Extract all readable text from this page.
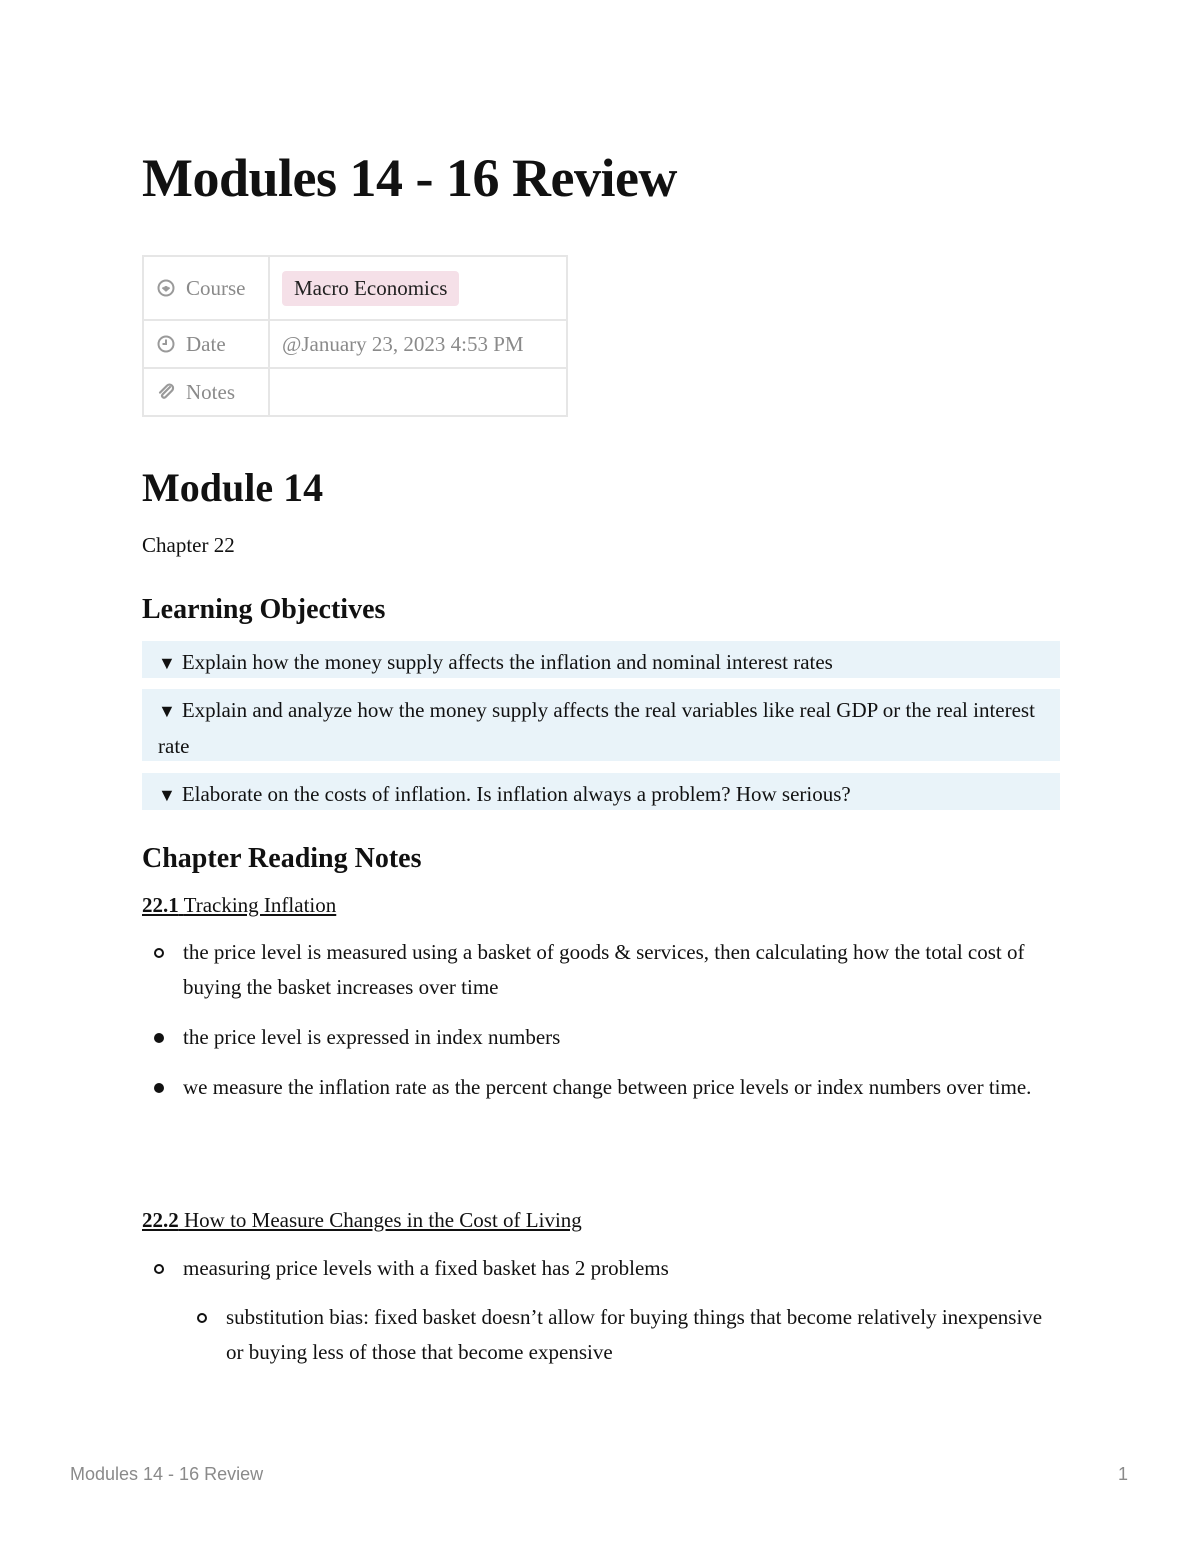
Modules 14 - 16 Review
Course	Macro Economics

Date	@January 23, 2023 4:53 PM

Notes	
Module 14

Chapter 22

Learning Objectives
▼ Explain how the money supply affects the inflation and nominal interest rates
▼ Explain and analyze how the money supply affects the real variables like real GDP or the real interest rate
▼ Elaborate on the costs of inflation. Is inflation always a problem? How serious?
Chapter Reading Notes

22.1 Tracking Inflation

the price level is measured using a basket of goods & services, then calculating how the total cost of buying the basket increases over time
the price level is expressed in index numbers
we measure the inflation rate as the percent change between price levels or index numbers over time.

22.2 How to Measure Changes in the Cost of Living

measuring price levels with a fixed basket has 2 problems
substitution bias: fixed basket doesn’t allow for buying things that become relatively inexpensive or buying less of those that become expensive
Modules 14 - 16 Review	1
